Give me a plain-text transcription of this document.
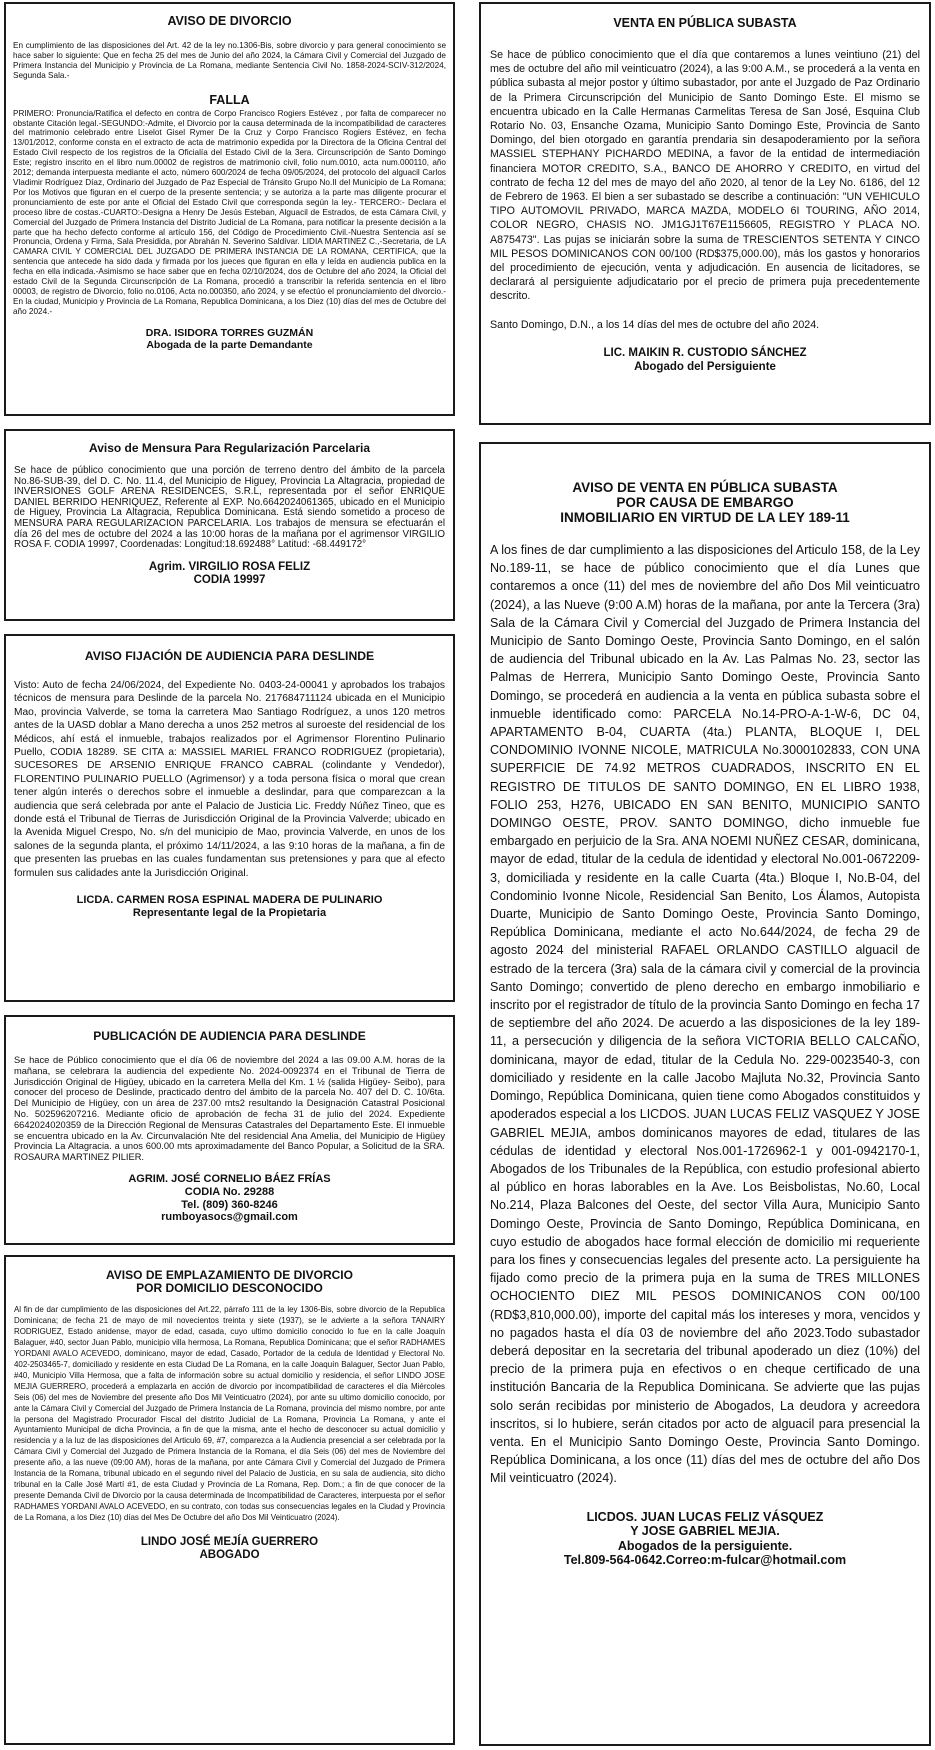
AVISO DE DIVORCIO

En cumplimiento de las disposiciones del Art. 42 de la ley no.1306-Bis, sobre divorcio y para general conocimiento se hace saber lo siguiente: Que en fecha 25 del mes de Junio del año 2024, la Cámara Civil y Comercial del Juzgado de Primera Instancia del Municipio y Provincia de La Romana, mediante Sentencia Civil No. 1858-2024-SCIV-312/2024, Segunda Sala.-

FALLA

PRIMERO: Pronuncia/Ratifica el defecto en contra de Corpo Francisco Rogiers Estévez , por falta de comparecer no obstante Citación legal.-SEGUNDO:-Admite, el Divorcio por la causa determinada de la incompatibilidad de caracteres del matrimonio celebrado entre Liselot Gisel Rymer De la Cruz y Corpo Francisco Rogiers Estévez, en fecha 13/01/2012, conforme consta en el extracto de acta de matrimonio expedida por la Directora de la Oficina Central del Estado Civil respecto de los registros de la Oficialía del Estado Civil de la 3era. Circunscripción de Santo Domingo Este; registro inscrito en el libro num.00002 de registros de matrimonio civil, folio num.0010, acta num.000110, año 2012; demanda interpuesta mediante el acto, número 600/2024 de fecha 09/05/2024, del protocolo del alguacil Carlos Vladimir Rodríguez Díaz, Ordinario del Juzgado de Paz Especial de Tránsito Grupo No.II del Municipio de La Romana; Por los Motivos que figuran en el cuerpo de la presente sentencia; y se autoriza a la parte mas diligente procurar el pronunciamiento de este por ante el Oficial del Estado Civil que corresponda según la ley.- TERCERO:- Declara el proceso libre de costas.-CUARTO:-Designa a Henry De Jesús Esteban, Alguacil de Estrados, de esta Cámara Civil, y Comercial del Juzgado de Primera Instancia del Distrito Judicial de La Romana, para notificar la presente decisión a la parte que ha hecho defecto conforme al artículo 156, del Código de Procedimiento Civil.-Nuestra Sentencia así se Pronuncia, Ordena y Firma, Sala Presidida, por Abrahán N. Severino Saldívar. LIDIA MARTINEZ C.,-Secretaria, de LA CAMARA CIVIL Y COMERCIAL DEL JUZGADO DE PRIMERA INSTANCIA DE LA ROMANA, CERTIFICA, que la sentencia que antecede ha sido dada y firmada por los jueces que figuran en ella y leída en audiencia publica en la fecha en ella indicada.-Asimismo se hace saber que en fecha 02/10/2024, dos de Octubre del año 2024, la Oficial del estado Civil de la Segunda Circunscripción de La Romana, procedió a transcribir la referida sentencia en el libro 00003, de registro de Divorcio, folio no.0106, Acta no.000350, año 2024, y se efectúo el pronunciamiento del divorcio.- En la ciudad, Municipio y Provincia de La Romana, Republica Dominicana, a los Diez (10) días del mes de Octubre del año 2024.-

DRA. ISIDORA TORRES GUZMÁN
Abogada de la parte Demandante
VENTA EN PÚBLICA SUBASTA

Se hace de público conocimiento que el día que contaremos a lunes veintiuno (21) del mes de octubre del año mil veinticuatro (2024), a las 9:00 A.M., se procederá a la venta en pública subasta al mejor postor y último subastador, por ante el Juzgado de Paz Ordinario de la Primera Circunscripción del Municipio de Santo Domingo Este. El mismo se encuentra ubicado en la Calle Hermanas Carmelitas Teresa de San José, Esquina Club Rotario No. 03, Ensanche Ozama, Municipio Santo Domingo Este, Provincia de Santo Domingo, del bien otorgado en garantía prendaria sin desapoderamiento por la señora MASSIEL STEPHANY PICHARDO MEDINA, a favor de la entidad de intermediación financiera MOTOR CREDITO, S.A., BANCO DE AHORRO Y CREDITO, en virtud del contrato de fecha 12 del mes de mayo del año 2020, al tenor de la Ley No. 6186, del 12 de Febrero de 1963. El bien a ser subastado se describe a continuación: "UN VEHICULO TIPO AUTOMOVIL PRIVADO, MARCA MAZDA, MODELO 6I TOURING, AÑO 2014, COLOR NEGRO, CHASIS NO. JM1GJ1T67E1156605, REGISTRO Y PLACA NO. A875473". Las pujas se iniciarán sobre la suma de TRESCIENTOS SETENTA Y CINCO MIL PESOS DOMINICANOS CON 00/100 (RD$375,000.00), más los gastos y honorarios del procedimiento de ejecución, venta y adjudicación. En ausencia de licitadores, se declarará al persiguiente adjudicatario por el precio de primera puja precedentemente descrito.

Santo Domingo, D.N., a los 14 días del mes de octubre del año 2024.

LIC. MAIKIN R. CUSTODIO SÁNCHEZ
Abogado del Persiguiente
Aviso de Mensura Para Regularización Parcelaria

Se hace de público conocimiento que una porción de terreno dentro del ámbito de la parcela No.86-SUB-39, del D. C. No. 11.4, del Municipio de Higuey, Provincia La Altagracia, propiedad de INVERSIONES GOLF ARENA RESIDENCES, S.R.L, representada por el señor ENRIQUE DANIEL BERRIDO HENRIQUEZ, Referente al EXP. No.6642024061365, ubicado en el Municipio de Higuey, Provincia La Altagracia, Republica Dominicana. Está siendo sometido a proceso de MENSURA PARA REGULARIZACION PARCELARIA. Los trabajos de mensura se efectuarán el día 26 del mes de octubre del 2024 a las 10:00 horas de la mañana por el agrimensor VIRGILIO ROSA F. CODIA 19997, Coordenadas: Longitud:18.692488° Latitud: -68.449172°

Agrim. VIRGILIO ROSA FELIZ
CODIA 19997
AVISO FIJACIÓN DE AUDIENCIA PARA DESLINDE

Visto: Auto de fecha 24/06/2024, del Expediente No. 0403-24-00041 y aprobados los trabajos técnicos de mensura para Deslinde de la parcela No. 217684711124 ubicada en el Municipio Mao, provincia Valverde, se toma la carretera Mao Santiago Rodríguez, a unos 120 metros antes de la UASD doblar a Mano derecha a unos 252 metros al suroeste del residencial de los Médicos, ahí está el inmueble, trabajos realizados por el Agrimensor Florentino Pulinario Puello, CODIA 18289. SE CITA a: MASSIEL MARIEL FRANCO RODRIGUEZ (propietaria), SUCESORES DE ARSENIO ENRIQUE FRANCO CABRAL (colindante y Vendedor), FLORENTINO PULINARIO PUELLO (Agrimensor) y a toda persona física o moral que crean tener algún interés o derechos sobre el inmueble a deslindar, para que comparezcan a la audiencia que será celebrada por ante el Palacio de Justicia Lic. Freddy Núñez Tineo, que es donde está el Tribunal de Tierras de Jurisdicción Original de la Provincia Valverde; ubicado en la Avenida Miguel Crespo, No. s/n del municipio de Mao, provincia Valverde, en unos de los salones de la segunda planta, el próximo 14/11/2024, a las 9:10 horas de la mañana, a fin de que presenten las pruebas en las cuales fundamentan sus pretensiones y para que al efecto formulen sus calidades ante la Jurisdicción Original.

LICDA. CARMEN ROSA ESPINAL MADERA DE PULINARIO
Representante legal de la Propietaria
PUBLICACIÓN DE AUDIENCIA PARA DESLINDE

Se hace de Público conocimiento que el día 06 de noviembre del 2024 a las 09.00 A.M. horas de la mañana, se celebrara la audiencia del expediente No. 2024-0092374 en el Tribunal de Tierra de Jurisdicción Original de Higüey, ubicado en la carretera Mella del Km. 1 ½ (salida Higüey- Seibo), para conocer del proceso de Deslinde, practicado dentro del ámbito de la parcela No. 407 del D. C. 10/6ta. Del Municipio de Higüey, con un área de 237.00 mts2 resultando la Designación Catastral Posicional No. 502596207216. Mediante oficio de aprobación de fecha 31 de julio del 2024. Expediente 6642024020359 de la Dirección Regional de Mensuras Catastrales del Departamento Este. El inmueble se encuentra ubicado en la Av. Circunvalación Nte del residencial Ana Amelia, del Municipio de Higüey Provincia La Altagracia. a unos 600.00 mts aproximadamente del Banco Popular, a Solicitud de la SRA. ROSAURA MARTINEZ PILIER.

AGRIM. JOSÉ CORNELIO BÁEZ FRÍAS
CODIA No. 29288
Tel. (809) 360-8246
rumboyasocs@gmail.com
AVISO DE EMPLAZAMIENTO DE DIVORCIO
POR DOMICILIO DESCONOCIDO

Al fin de dar cumplimiento de las disposiciones del Art.22, párrafo 111 de la ley 1306-Bis, sobre divorcio de la Republica Dominicana; de fecha 21 de mayo de mil novecientos treinta y siete (1937), se le advierte a la señora TANAIRY RODRIGUEZ, Estado anidense, mayor de edad, casada, cuyo ultimo domicilio conocido lo fue en la calle Joaquín Balaguer, #40, sector Juan Pablo, municipio villa hermosa, La Romana, Republica Dominicana; que el señor RADHAMES YORDANI AVALO ACEVEDO, dominicano, mayor de edad, Casado, Portador de la cedula de Identidad y Electoral No. 402-2503465-7, domiciliado y residente en esta Ciudad De La Romana, en la calle Joaquín Balaguer, Sector Juan Pablo, #40, Municipio Villa Hermosa, que a falta de información sobre su actual domicilio y residencia, el señor LINDO JOSE MEJIA GUERRERO, procederá a emplazarla en acción de divorcio por incompatibilidad de caracteres el día Miércoles Seis (06) del mes de Noviembre del presente año Dos Mil Veinticuatro (2024), por ante su ultimo domicilio conocido, por ante la Cámara Civil y Comercial del Juzgado de Primera Instancia de La Romana, provincia del mismo nombre, por ante la persona del Magistrado Procurador Fiscal del distrito Judicial de La Romana, Provincia La Romana, y ante el Ayuntamiento Municipal de dicha Provincia, a fin de que la misma, ante el hecho de desconocer su actual domicilio y residencia y a la luz de las disposiciones del Articulo 69, #7, comparezca a la Audiencia presencial a ser celebrada por la Cámara Civil y Comercial del Juzgado de Primera Instancia de la Romana, el día Seis (06) del mes de Noviembre del presente año, a las nueve (09:00 AM), horas de la mañana, por ante Cámara Civil y Comercial del Juzgado de Primera Instancia de la Romana, tribunal ubicado en el segundo nivel del Palacio de Justicia, en su sala de audiencia, sito dicho tribunal en la Calle José Martí #1, de esta Ciudad y Provincia de La Romana, Rep. Dom.; a fin de que conocer de la presente Demanda Civil de Divorcio por la causa determinada de Incompatibilidad de Caracteres, interpuesta por el señor RADHAMES YORDANI AVALO ACEVEDO, en su contrato, con todas sus consecuencias legales en la Ciudad y Provincia de La Romana, a los Diez (10) días del Mes De Octubre del año Dos Mil Veinticuatro (2024).

LINDO JOSÉ MEJÍA GUERRERO
ABOGADO
AVISO DE VENTA EN PÚBLICA SUBASTA
POR CAUSA DE EMBARGO
INMOBILIARIO EN VIRTUD DE LA LEY 189-11

A los fines de dar cumplimiento a las disposiciones del Articulo 158, de la Ley No.189-11, se hace de público conocimiento que el día Lunes que contaremos a once (11) del mes de noviembre del año Dos Mil veinticuatro (2024), a las Nueve (9:00 A.M) horas de la mañana, por ante la Tercera (3ra) Sala de la Cámara Civil y Comercial del Juzgado de Primera Instancia del Municipio de Santo Domingo Oeste, Provincia Santo Domingo, en el salón de audiencia del Tribunal ubicado en la Av. Las Palmas No. 23, sector las Palmas de Herrera, Municipio Santo Domingo Oeste, Provincia Santo Domingo, se procederá en audiencia a la venta en pública subasta sobre el inmueble identificado como: PARCELA No.14-PRO-A-1-W-6, DC 04, APARTAMENTO B-04, CUARTA (4ta.) PLANTA, BLOQUE I, DEL CONDOMINIO IVONNE NICOLE, MATRICULA No.3000102833, CON UNA SUPERFICIE DE 74.92 METROS CUADRADOS, INSCRITO EN EL REGISTRO DE TITULOS DE SANTO DOMINGO, EN EL LIBRO 1938, FOLIO 253, H276, UBICADO EN SAN BENITO, MUNICIPIO SANTO DOMINGO OESTE, PROV. SANTO DOMINGO, dicho inmueble fue embargado en perjuicio de la Sra. ANA NOEMI NUÑEZ CESAR, dominicana, mayor de edad, titular de la cedula de identidad y electoral No.001-0672209-3, domiciliada y residente en la calle Cuarta (4ta.) Bloque I, No.B-04, del Condominio Ivonne Nicole, Residencial San Benito, Los Álamos, Autopista Duarte, Municipio de Santo Domingo Oeste, Provincia Santo Domingo, República Dominicana, mediante el acto No.644/2024, de fecha 29 de agosto 2024 del ministerial RAFAEL ORLANDO CASTILLO alguacil de estrado de la tercera (3ra) sala de la cámara civil y comercial de la provincia Santo Domingo; convertido de pleno derecho en embargo inmobiliario e inscrito por el registrador de título de la provincia Santo Domingo en fecha 17 de septiembre del año 2024. De acuerdo a las disposiciones de la ley 189-11, a persecución y diligencia de la señora VICTORIA BELLO CALCAÑO, dominicana, mayor de edad, titular de la Cedula No. 229-0023540-3, con domiciliado y residente en la calle Jacobo Majluta No.32, Provincia Santo Domingo, República Dominicana, quien tiene como Abogados constituidos y apoderados especial a los LICDOS. JUAN LUCAS FELIZ VASQUEZ Y JOSE GABRIEL MEJIA, ambos dominicanos mayores de edad, titulares de las cédulas de identidad y electoral Nos.001-1726962-1 y 001-0942170-1, Abogados de los Tribunales de la República, con estudio profesional abierto al público en horas laborables en la Ave. Los Beisbolistas, No.60, Local No.214, Plaza Balcones del Oeste, del sector Villa Aura, Municipio Santo Domingo Oeste, Provincia de Santo Domingo, República Dominicana, en cuyo estudio de abogados hace formal elección de domicilio mi requeriente para los fines y consecuencias legales del presente acto. La persiguiente ha fijado como precio de la primera puja en la suma de TRES MILLONES OCHOCIENTO DIEZ MIL PESOS DOMINICANOS CON 00/100 (RD$3,810,000.00), importe del capital más los intereses y mora, vencidos y no pagados hasta el día 03 de noviembre del año 2023.Todo subastador deberá depositar en la secretaria del tribunal apoderado un diez (10%) del precio de la primera puja en efectivos o en cheque certificado de una institución Bancaria de la Republica Dominicana. Se advierte que las pujas solo serán recibidas por ministerio de Abogados, La deudora y acreedora inscritos, si lo hubiere, serán citados por acto de alguacil para presencial la venta. En el Municipio Santo Domingo Oeste, Provincia Santo Domingo. República Dominicana, a los once (11) días del mes de octubre del año Dos Mil veinticuatro (2024).

LICDOS. JUAN LUCAS FELIZ VÁSQUEZ
Y JOSE GABRIEL MEJIA.
Abogados de la persiguiente.
Tel.809-564-0642.Correo:m-fulcar@hotmail.com
